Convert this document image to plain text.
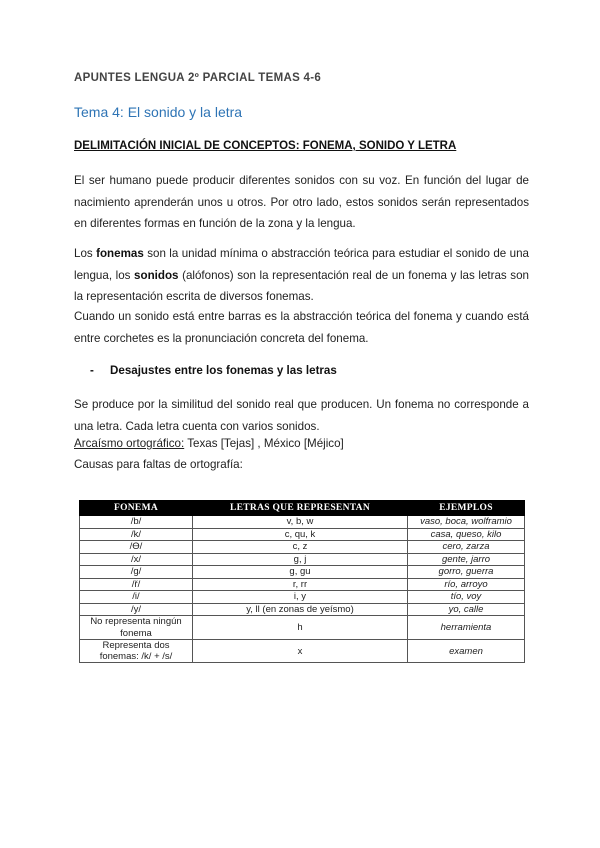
APUNTES LENGUA 2º PARCIAL TEMAS 4-6
Tema 4: El sonido y la letra
DELIMITACIÓN INICIAL DE CONCEPTOS: FONEMA, SONIDO Y LETRA
El ser humano puede producir diferentes sonidos con su voz. En función del lugar de nacimiento aprenderán unos u otros. Por otro lado, estos sonidos serán representados en diferentes formas en función de la zona y la lengua.
Los fonemas son la unidad mínima o abstracción teórica para estudiar el sonido de una lengua, los sonidos (alófonos) son la representación real de un fonema y las letras son la representación escrita de diversos fonemas.
Cuando un sonido está entre barras es la abstracción teórica del fonema y cuando está entre corchetes es la pronunciación concreta del fonema.
- Desajustes entre los fonemas y las letras
Se produce por la similitud del sonido real que producen. Un fonema no corresponde a una letra. Cada letra cuenta con varios sonidos.
Arcaísmo ortográfico: Texas [Tejas] , México [Méjico]
Causas para faltas de ortografía:
FONEMA	LETRAS QUE REPRESENTAN	EJEMPLOS
/b/	v, b, w	vaso, boca, wolframio
/k/	c, qu, k	casa, queso, kilo
/Ɵ/	c, z	cero, zarza
/x/	g, j	gente, jarro
/g/	g, gu	gorro, guerra
/ř/	r, rr	río, arroyo
/i/	i, y	tío, voy
/y/	y, ll (en zonas de yeísmo)	yo, calle
No representa ningún fonema	h	herramienta
Representa dos fonemas: /k/ + /s/	x	examen
